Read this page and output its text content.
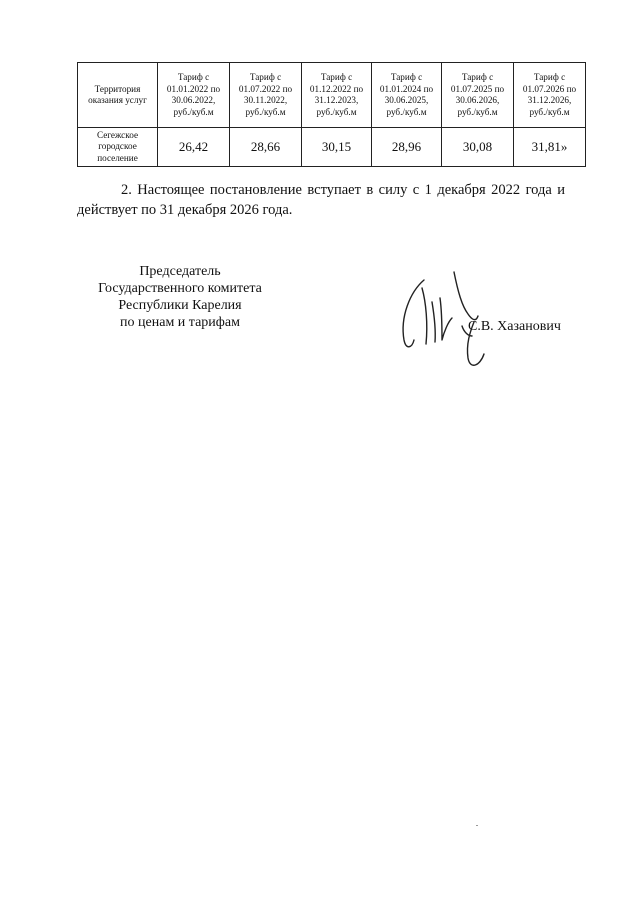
Территория
оказания услуг	Тариф с
01.01.2022 по
30.06.2022,
руб./куб.м	Тариф с
01.07.2022 по
30.11.2022,
руб./куб.м	Тариф с
01.12.2022 по
31.12.2023,
руб./куб.м	Тариф с
01.01.2024 по
30.06.2025,
руб./куб.м	Тариф с
01.07.2025 по
30.06.2026,
руб./куб.м	Тариф с
01.07.2026 по
31.12.2026,
руб./куб.м

Сегежское
городское
поселение	26,42	28,66	30,15	28,96	30,08	31,81»

2. Настоящее постановление вступает в силу с 1 декабря 2022 года и
действует по 31 декабря 2026 года.

Председатель
Государственного комитета
Республики Карелия
по ценам и тарифам	С.В. Хазанович
